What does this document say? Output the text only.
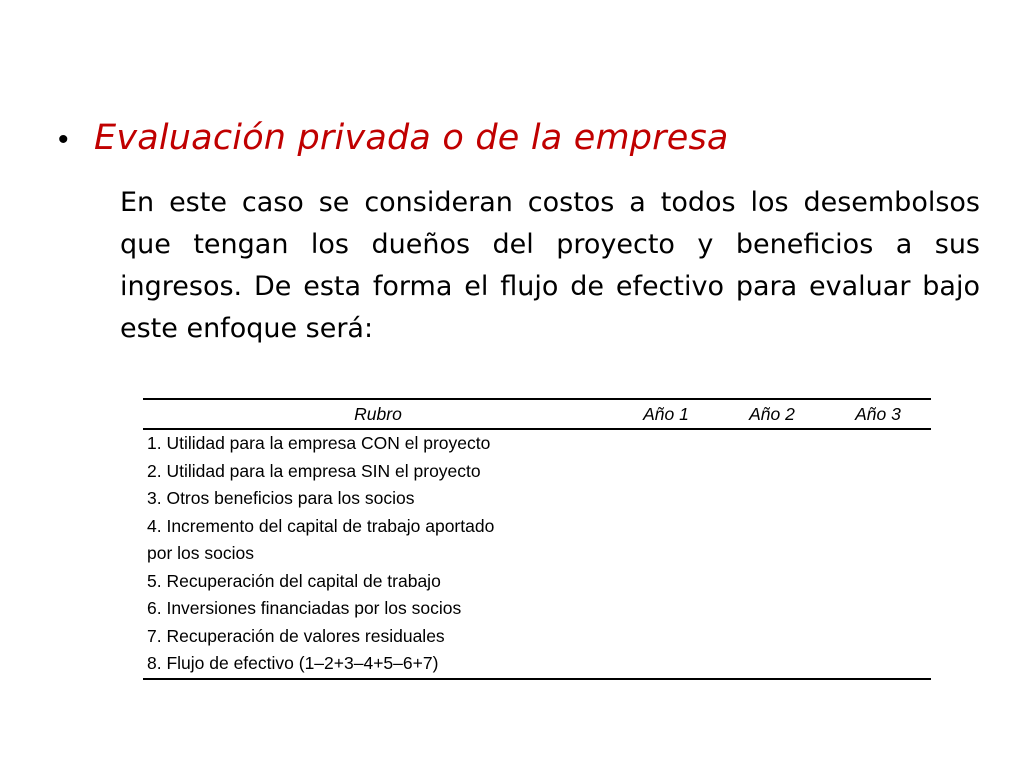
• Evaluación privada o de la empresa

En este caso se consideran costos a todos los desembolsos que tengan los dueños del proyecto y beneficios a sus ingresos. De esta forma el flujo de efectivo para evaluar bajo este enfoque será:

Rubro	Año 1	Año 2	Año 3
1. Utilidad para la empresa CON el proyecto			
2. Utilidad para la empresa SIN el proyecto			
3. Otros beneficios para los socios			
4. Incremento del capital de trabajo aportado			
por los socios			
5. Recuperación del capital de trabajo			
6. Inversiones financiadas por los socios			
7. Recuperación de valores residuales			
8. Flujo de efectivo (1–2+3–4+5–6+7)			
